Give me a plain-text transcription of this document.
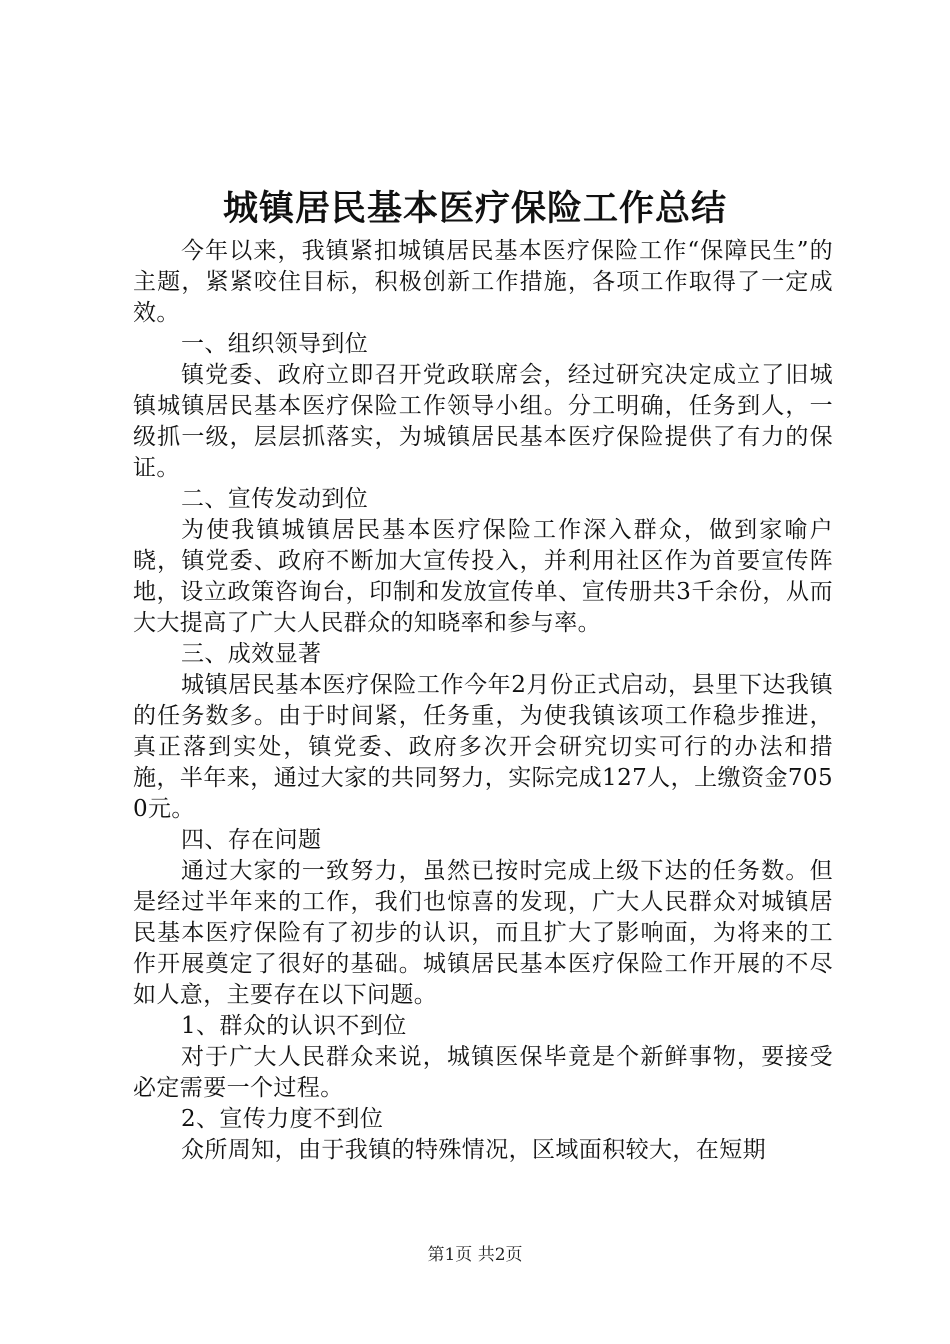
城镇居民基本医疗保险工作总结

今年以来，我镇紧扣城镇居民基本医疗保险工作“保障民生”的主题，紧紧咬住目标，积极创新工作措施，各项工作取得了一定成效。

一、组织领导到位

镇党委、政府立即召开党政联席会，经过研究决定成立了旧城镇城镇居民基本医疗保险工作领导小组。分工明确，任务到人，一级抓一级，层层抓落实，为城镇居民基本医疗保险提供了有力的保证。

二、宣传发动到位

为使我镇城镇居民基本医疗保险工作深入群众，做到家喻户晓，镇党委、政府不断加大宣传投入，并利用社区作为首要宣传阵地，设立政策咨询台，印制和发放宣传单、宣传册共3千余份，从而大大提高了广大人民群众的知晓率和参与率。

三、成效显著

城镇居民基本医疗保险工作今年2月份正式启动，县里下达我镇的任务数多。由于时间紧，任务重，为使我镇该项工作稳步推进，真正落到实处，镇党委、政府多次开会研究切实可行的办法和措施，半年来，通过大家的共同努力，实际完成127人，上缴资金7050元。

四、存在问题

通过大家的一致努力，虽然已按时完成上级下达的任务数。但是经过半年来的工作，我们也惊喜的发现，广大人民群众对城镇居民基本医疗保险有了初步的认识，而且扩大了影响面，为将来的工作开展奠定了很好的基础。城镇居民基本医疗保险工作开展的不尽如人意，主要存在以下问题。

1、群众的认识不到位

对于广大人民群众来说，城镇医保毕竟是个新鲜事物，要接受必定需要一个过程。

2、宣传力度不到位

众所周知，由于我镇的特殊情况，区域面积较大，在短期

第1页 共2页
